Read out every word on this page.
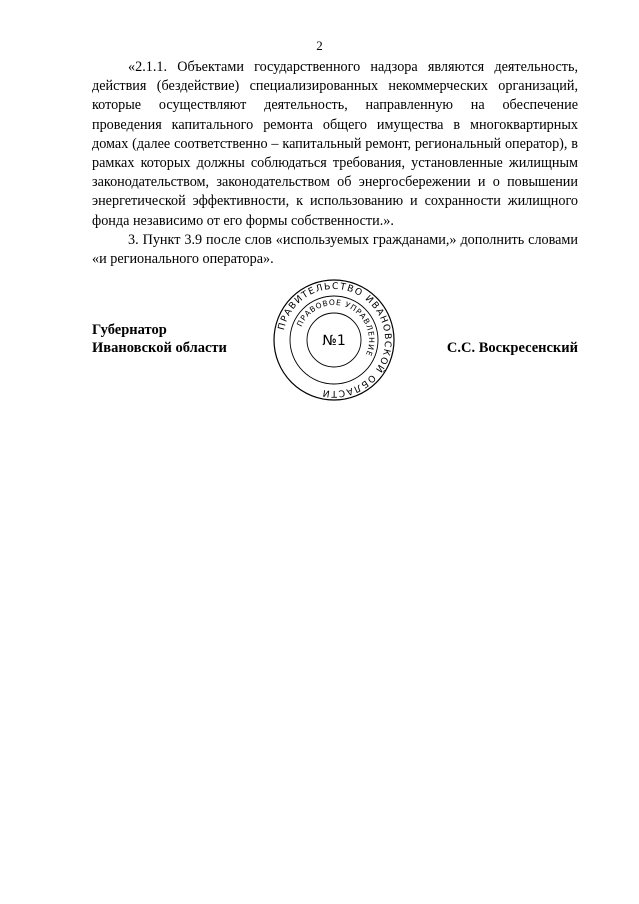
2

«2.1.1. Объектами государственного надзора являются деятельность, действия (бездействие) специализированных некоммерческих организаций, которые осуществляют деятельность, направленную на обеспечение проведения капитального ремонта общего имущества в многоквартирных домах (далее соответственно – капитальный ремонт, региональный оператор), в рамках которых должны соблюдаться требования, установленные жилищным законодательством, законодательством об энергосбережении и о повышении энергетической эффективности, к использованию и сохранности жилищного фонда независимо от его формы собственности.».

3. Пункт 3.9 после слов «используемых гражданами,» дополнить словами «и регионального оператора».

Губернатор
Ивановской области	С.С. Воскресенский
ПРАВИТЕЛЬСТВО ИВАНОВСКОЙ ОБЛАСТИ
ПРАВОВОЕ УПРАВЛЕНИЕ
№1
